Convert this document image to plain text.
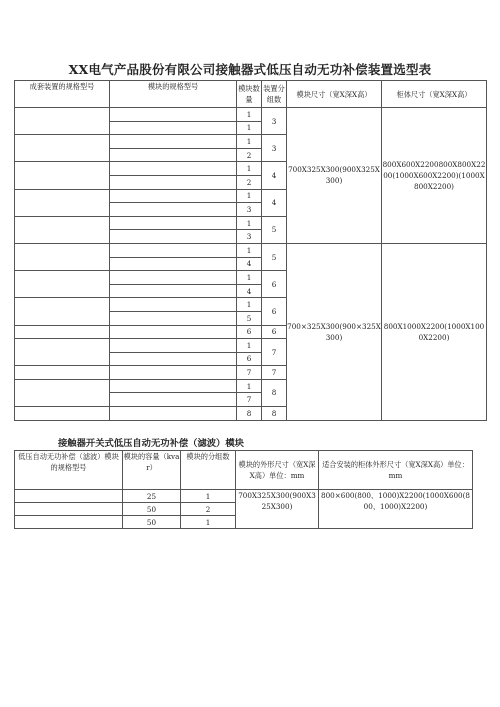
XX电气产品股份有限公司接触器式低压自动无功补偿装置选型表
成套装置的规格型号	模块的规格型号	模块数
量	装置分
组数	模块尺寸（宽X深X高）	柜体尺寸（宽X深X高）
		1	3	700X325X300(900X325X300)	800X600X2200800X800X2200(1000X600X2200)(1000X800X2200)
		1			
		1	3		
		2			
		1	4		
		2			
		1	4		
		3			
		1	5		
		3			
		1	5	700×325X300(900×325X300)	800X1000X2200(1000X1000X2200)
		4			
		1	6		
		4			
		1	6		
		5			
		6	6		
		1	7		
		6			
		7	7		
		1	8		
		7			
		8	8		
接触器开关式低压自动无功补偿（滤波）模块
低压自动无功补偿（滤波）模块的规格型号	模块的容量（kvar）	模块的分组数	模块的外形尺寸（宽X深X高）单位：mm	适合安装的柜体外形尺寸（宽X深X高）单位：mm
	25	1	700X325X300(900X325X300)	800×600(800、1000)X2200(1000X600(800、1000)X2200)
	50	2		
	50	1		
